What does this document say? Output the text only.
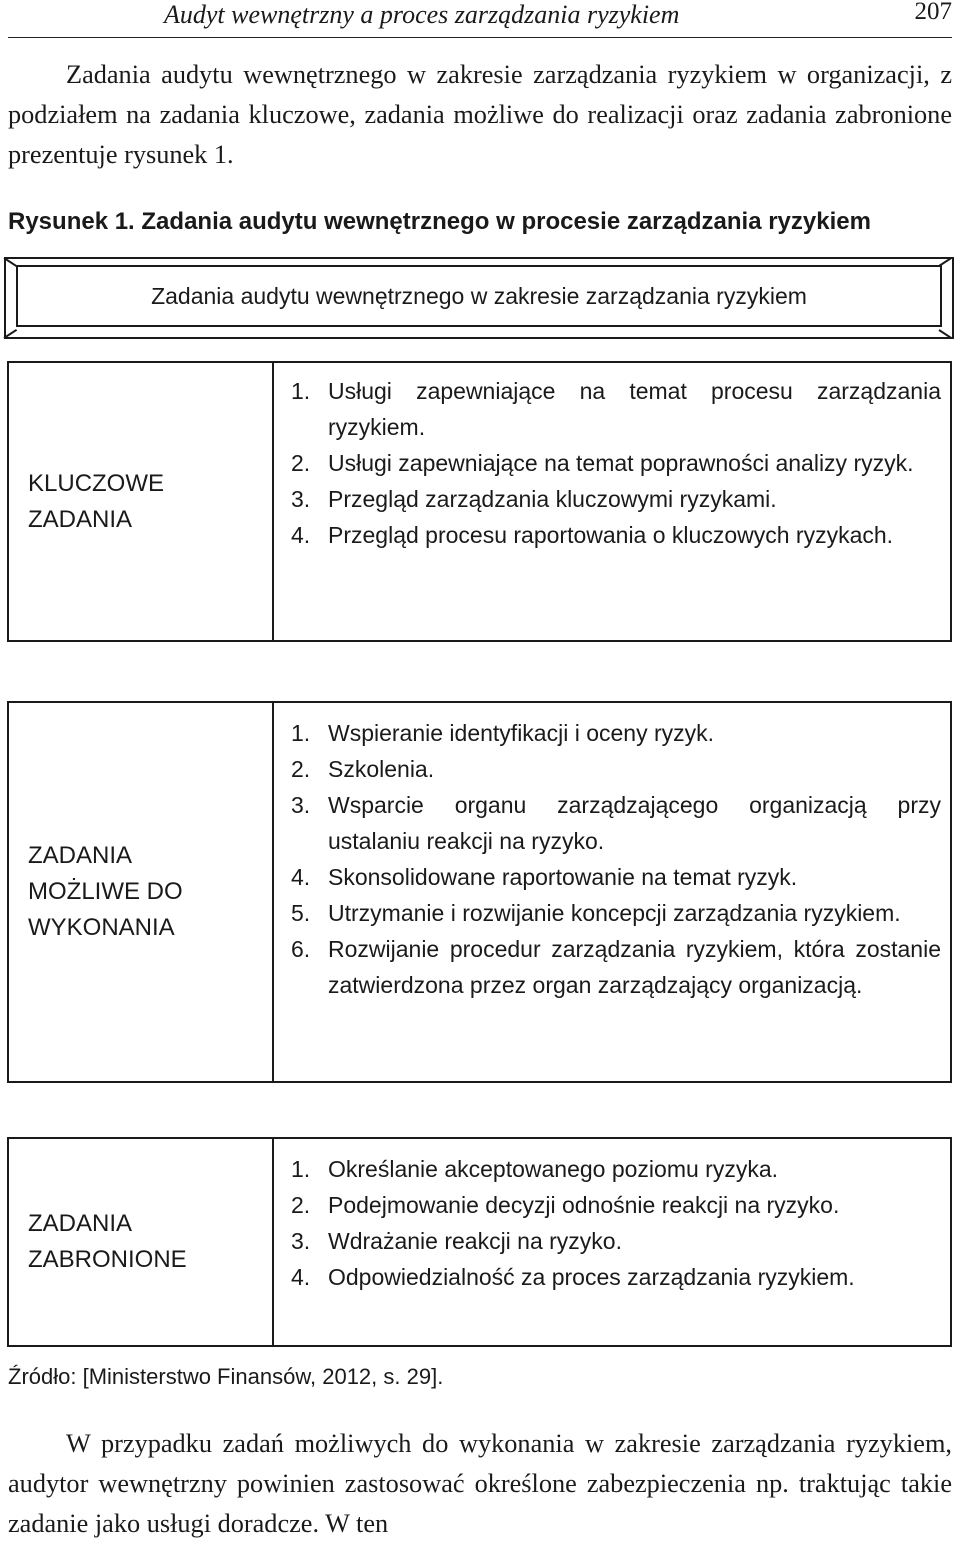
Audyt wewnętrzny a proces zarządzania ryzykiem	207

Zadania audytu wewnętrznego w zakresie zarządzania ryzykiem w organizacji, z podziałem na zadania kluczowe, zadania możliwe do realizacji oraz zadania zabronione prezentuje rysunek 1.

Rysunek 1. Zadania audytu wewnętrznego w procesie zarządzania ryzykiem
Zadania audytu wewnętrznego w zakresie zarządzania ryzykiem
KLUCZOWE
ZADANIA
1. Usługi zapewniające na temat procesu zarządzania ryzykiem.
2. Usługi zapewniające na temat poprawności analizy ryzyk.
3. Przegląd zarządzania kluczowymi ryzykami.
4. Przegląd procesu raportowania o kluczowych ryzykach.
ZADANIA
MOŻLIWE DO
WYKONANIA
1. Wspieranie identyfikacji i oceny ryzyk.
2. Szkolenia.
3. Wsparcie organu zarządzającego organizacją przy ustalaniu reakcji na ryzyko.
4. Skonsolidowane raportowanie na temat ryzyk.
5. Utrzymanie i rozwijanie koncepcji zarządzania ryzykiem.
6. Rozwijanie procedur zarządzania ryzykiem, która zostanie zatwierdzona przez organ zarządzający organizacją.
ZADANIA
ZABRONIONE
1. Określanie akceptowanego poziomu ryzyka.
2. Podejmowanie decyzji odnośnie reakcji na ryzyko.
3. Wdrażanie reakcji na ryzyko.
4. Odpowiedzialność za proces zarządzania ryzykiem.
Źródło: [Ministerstwo Finansów, 2012, s. 29].

W przypadku zadań możliwych do wykonania w zakresie zarządzania ryzykiem, audytor wewnętrzny powinien zastosować określone zabezpieczenia np. traktując takie zadanie jako usługi doradcze. W ten
